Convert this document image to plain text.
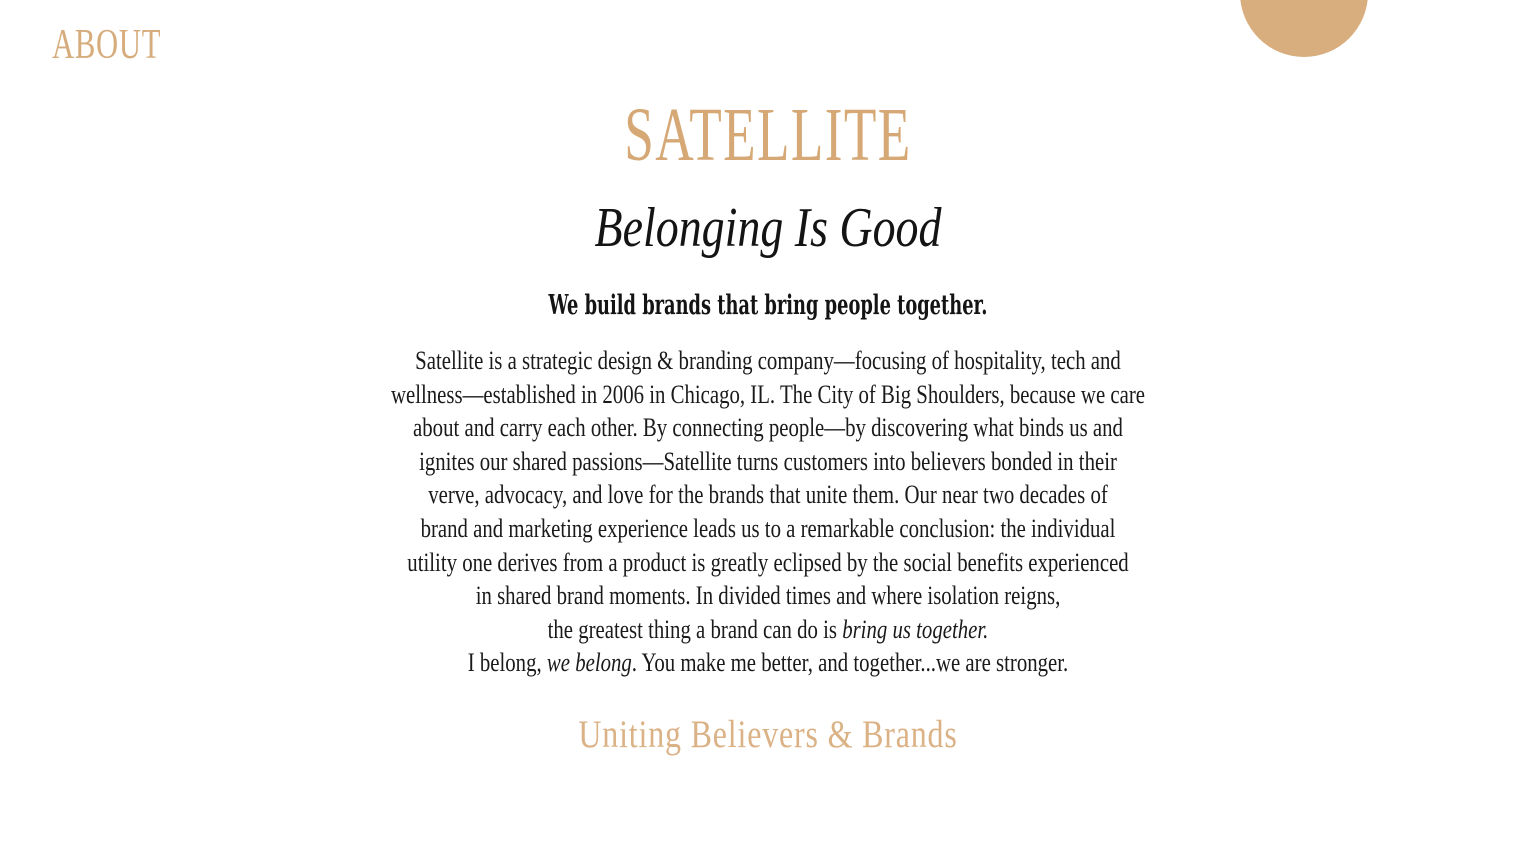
ABOUT
SATELLITE
Belonging Is Good
We build brands that bring people together.
Satellite is a strategic design & branding company—focusing of hospitality, tech and
wellness—established in 2006 in Chicago, IL. The City of Big Shoulders, because we care
about and carry each other. By connecting people—by discovering what binds us and
ignites our shared passions—Satellite turns customers into believers bonded in their
verve, advocacy, and love for the brands that unite them. Our near two decades of
brand and marketing experience leads us to a remarkable conclusion: the individual
utility one derives from a product is greatly eclipsed by the social benefits experienced
in shared brand moments. In divided times and where isolation reigns,
the greatest thing a brand can do is bring us together.
I belong, we belong. You make me better, and together...we are stronger.
Uniting Believers & Brands
